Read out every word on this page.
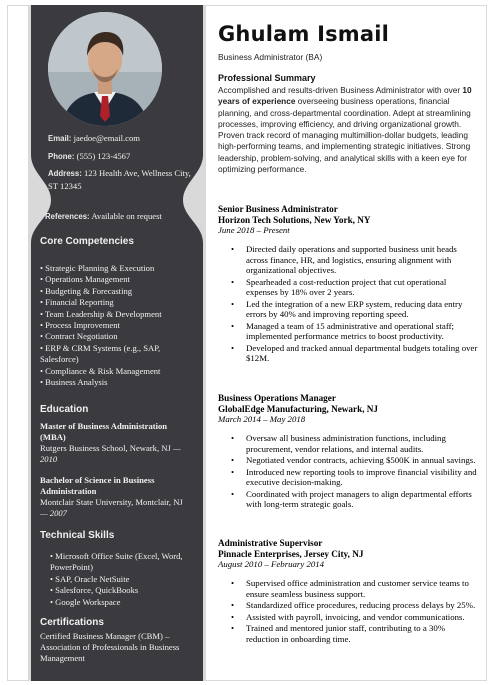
Email: jaedoe@email.com
Phone: (555) 123-4567
Address: 123 Health Ave, Wellness City, ST 12345
References: Available on request
Core Competencies
• Strategic Planning & Execution
• Operations Management
• Budgeting & Forecasting
• Financial Reporting
• Team Leadership & Development
• Process Improvement
• Contract Negotiation
• ERP & CRM Systems (e.g., SAP, Salesforce)
• Compliance & Risk Management
• Business Analysis
Education
Master of Business Administration (MBA)
Rutgers Business School, Newark, NJ — 2010
Bachelor of Science in Business Administration
Montclair State University, Montclair, NJ — 2007
Technical Skills
• Microsoft Office Suite (Excel, Word, PowerPoint)
• SAP, Oracle NetSuite
• Salesforce, QuickBooks
• Google Workspace
Certifications
Certified Business Manager (CBM) – Association of Professionals in Business Management
Ghulam Ismail
Business Administrator (BA)
Professional Summary
Accomplished and results-driven Business Administrator with over 10 years of experience overseeing business operations, financial planning, and cross-departmental coordination. Adept at streamlining processes, improving efficiency, and driving organizational growth. Proven track record of managing multimillion-dollar budgets, leading high-performing teams, and implementing strategic initiatives. Strong leadership, problem-solving, and analytical skills with a keen eye for optimizing performance.
Senior Business Administrator
Horizon Tech Solutions, New York, NY
June 2018 – Present
• Directed daily operations and supported business unit heads across finance, HR, and logistics, ensuring alignment with organizational objectives.
• Spearheaded a cost-reduction project that cut operational expenses by 18% over 2 years.
• Led the integration of a new ERP system, reducing data entry errors by 40% and improving reporting speed.
• Managed a team of 15 administrative and operational staff; implemented performance metrics to boost productivity.
• Developed and tracked annual departmental budgets totaling over $12M.
Business Operations Manager
GlobalEdge Manufacturing, Newark, NJ
March 2014 – May 2018
• Oversaw all business administration functions, including procurement, vendor relations, and internal audits.
• Negotiated vendor contracts, achieving $500K in annual savings.
• Introduced new reporting tools to improve financial visibility and executive decision-making.
• Coordinated with project managers to align departmental efforts with long-term strategic goals.
Administrative Supervisor
Pinnacle Enterprises, Jersey City, NJ
August 2010 – February 2014
• Supervised office administration and customer service teams to ensure seamless business support.
• Standardized office procedures, reducing process delays by 25%.
• Assisted with payroll, invoicing, and vendor communications.
• Trained and mentored junior staff, contributing to a 30% reduction in onboarding time.
